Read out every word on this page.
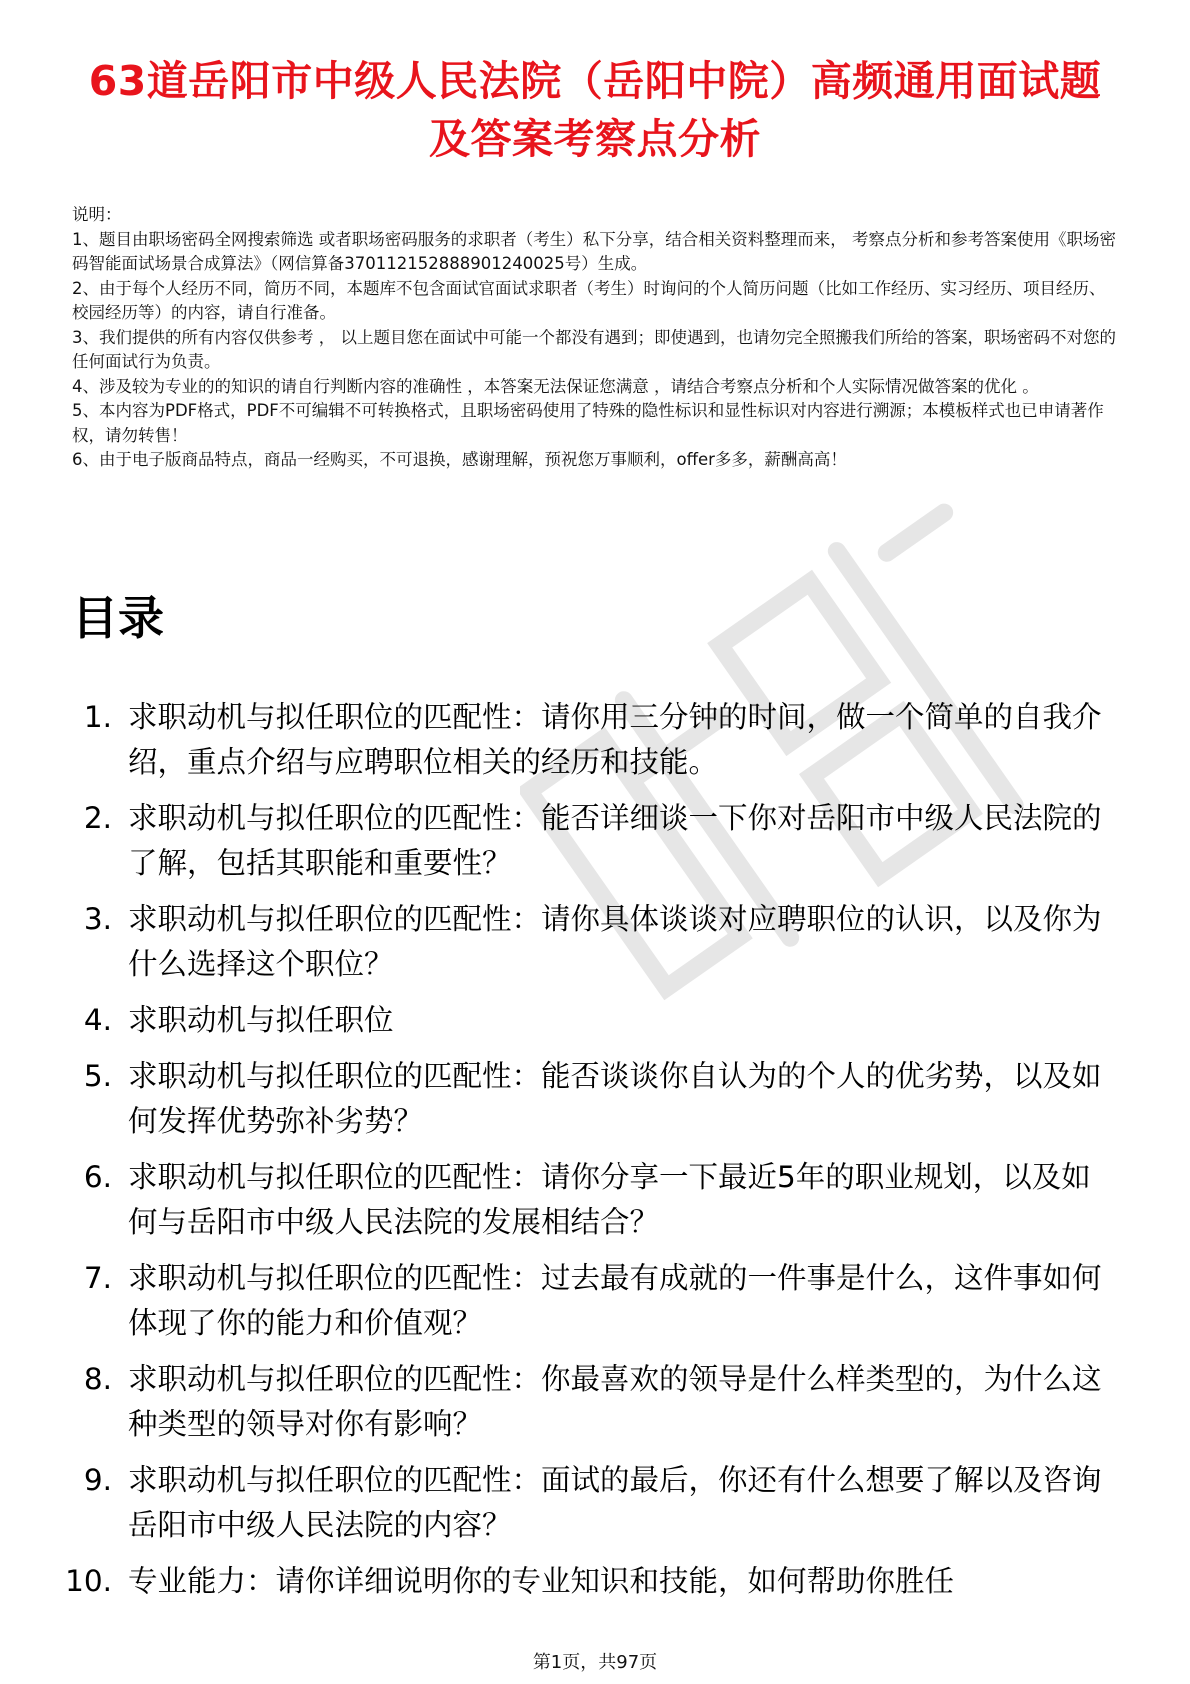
63道岳阳市中级人民法院（岳阳中院）高频通用面试题及答案考察点分析
说明：
1、题目由职场密码全网搜索筛选 或者职场密码服务的求职者（考生）私下分享，结合相关资料整理而来， 考察点分析和参考答案使用《职场密码智能面试场景合成算法》（网信算备370112152888901240025号）生成。
2、由于每个人经历不同，简历不同，本题库不包含面试官面试求职者（考生）时询问的个人简历问题（比如工作经历、实习经历、项目经历、校园经历等）的内容，请自行准备。
3、我们提供的所有内容仅供参考 ， 以上题目您在面试中可能一个都没有遇到；即使遇到，也请勿完全照搬我们所给的答案，职场密码不对您的任何面试行为负责。
4、涉及较为专业的的知识的请自行判断内容的准确性 ，本答案无法保证您满意 ，请结合考察点分析和个人实际情况做答案的优化 。
5、本内容为PDF格式，PDF不可编辑不可转换格式，且职场密码使用了特殊的隐性标识和显性标识对内容进行溯源；本模板样式也已申请著作权，请勿转售！
6、由于电子版商品特点，商品一经购买，不可退换，感谢理解，预祝您万事顺利，offer多多，薪酬高高！
目录
1. 求职动机与拟任职位的匹配性：请你用三分钟的时间，做一个简单的自我介绍，重点介绍与应聘职位相关的经历和技能。
2. 求职动机与拟任职位的匹配性：能否详细谈一下你对岳阳市中级人民法院的了解，包括其职能和重要性？
3. 求职动机与拟任职位的匹配性：请你具体谈谈对应聘职位的认识，以及你为什么选择这个职位？
4. 求职动机与拟任职位
5. 求职动机与拟任职位的匹配性：能否谈谈你自认为的个人的优劣势，以及如何发挥优势弥补劣势？
6. 求职动机与拟任职位的匹配性：请你分享一下最近5年的职业规划，以及如何与岳阳市中级人民法院的发展相结合？
7. 求职动机与拟任职位的匹配性：过去最有成就的一件事是什么，这件事如何体现了你的能力和价值观？
8. 求职动机与拟任职位的匹配性：你最喜欢的领导是什么样类型的，为什么这种类型的领导对你有影响？
9. 求职动机与拟任职位的匹配性：面试的最后，你还有什么想要了解以及咨询岳阳市中级人民法院的内容？
10. 专业能力：请你详细说明你的专业知识和技能，如何帮助你胜任
第1页，共97页
